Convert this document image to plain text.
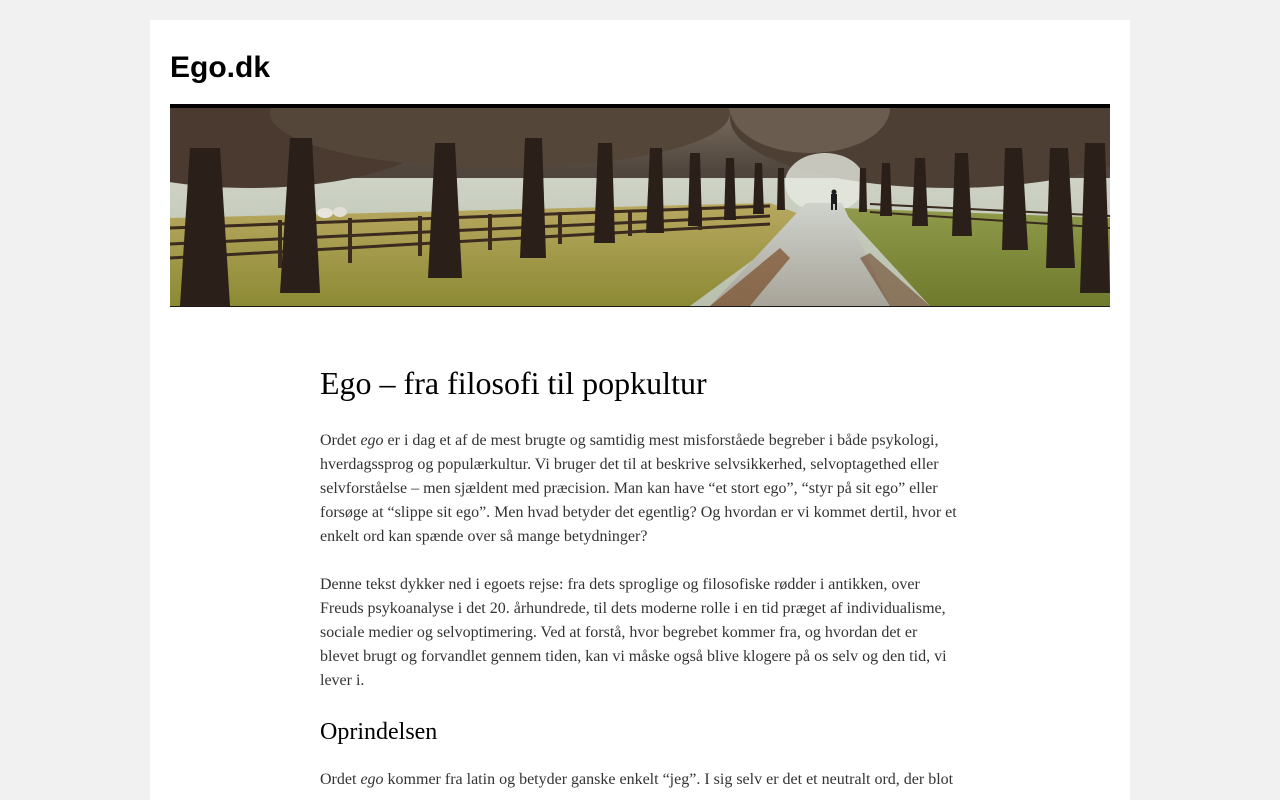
Ego.dk
Ego – fra filosofi til popkultur

Ordet ego er i dag et af de mest brugte og samtidig mest misforståede begreber i både psykologi, hverdagssprog og populærkultur. Vi bruger det til at beskrive selvsikkerhed, selvoptagethed eller selvforståelse – men sjældent med præcision. Man kan have “et stort ego”, “styr på sit ego” eller forsøge at “slippe sit ego”. Men hvad betyder det egentlig? Og hvordan er vi kommet dertil, hvor et enkelt ord kan spænde over så mange betydninger?

Denne tekst dykker ned i egoets rejse: fra dets sproglige og filosofiske rødder i antikken, over Freuds psykoanalyse i det 20. århundrede, til dets moderne rolle i en tid præget af individualisme, sociale medier og selvoptimering. Ved at forstå, hvor begrebet kommer fra, og hvordan det er blevet brugt og forvandlet gennem tiden, kan vi måske også blive klogere på os selv og den tid, vi lever i.

Oprindelsen

Ordet ego kommer fra latin og betyder ganske enkelt “jeg”. I sig selv er det et neutralt ord, der blot
